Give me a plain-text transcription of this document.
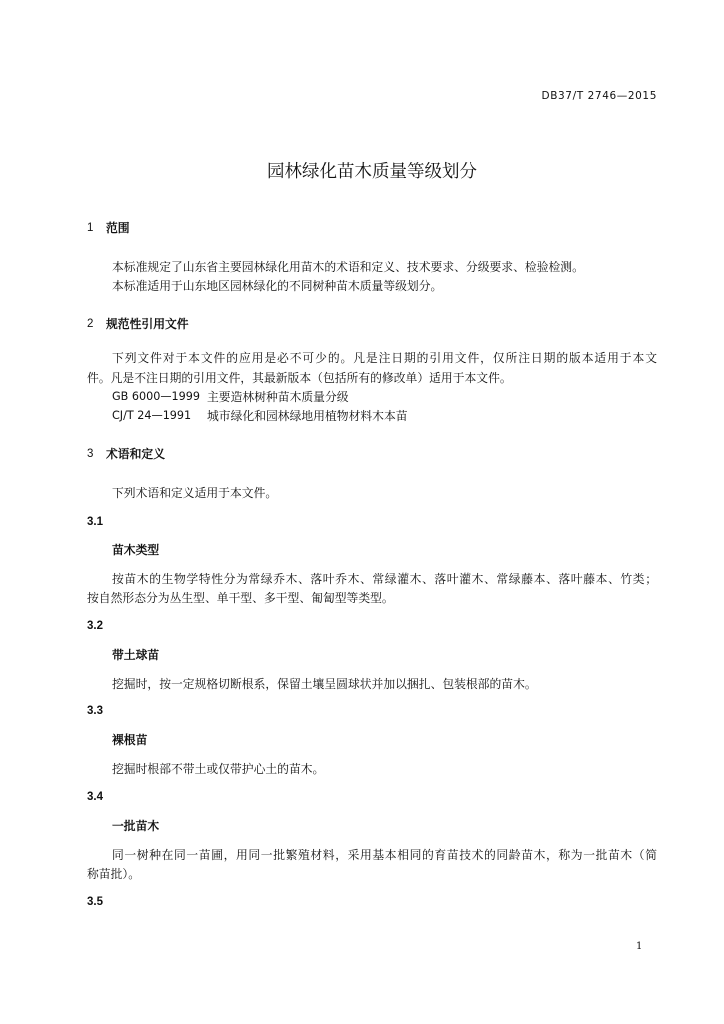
DB37/T 2746—2015
园林绿化苗木质量等级划分
1 范围
本标准规定了山东省主要园林绿化用苗木的术语和定义、技术要求、分级要求、检验检测。
本标准适用于山东地区园林绿化的不同树种苗木质量等级划分。
2 规范性引用文件
下列文件对于本文件的应用是必不可少的。凡是注日期的引用文件，仅所注日期的版本适用于本文
件。凡是不注日期的引用文件，其最新版本（包括所有的修改单）适用于本文件。
GB 6000—1999 主要造林树种苗木质量分级
CJ/T 24—1991 城市绿化和园林绿地用植物材料木本苗
3 术语和定义
下列术语和定义适用于本文件。
3.1
苗木类型
按苗木的生物学特性分为常绿乔木、落叶乔木、常绿灌木、落叶灌木、常绿藤本、落叶藤本、竹类；
按自然形态分为丛生型、单干型、多干型、匍匐型等类型。
3.2
带土球苗
挖掘时，按一定规格切断根系，保留土壤呈圆球状并加以捆扎、包装根部的苗木。
3.3
裸根苗
挖掘时根部不带土或仅带护心土的苗木。
3.4
一批苗木
同一树种在同一苗圃，用同一批繁殖材料，采用基本相同的育苗技术的同龄苗木，称为一批苗木（简
称苗批）。
3.5
1
